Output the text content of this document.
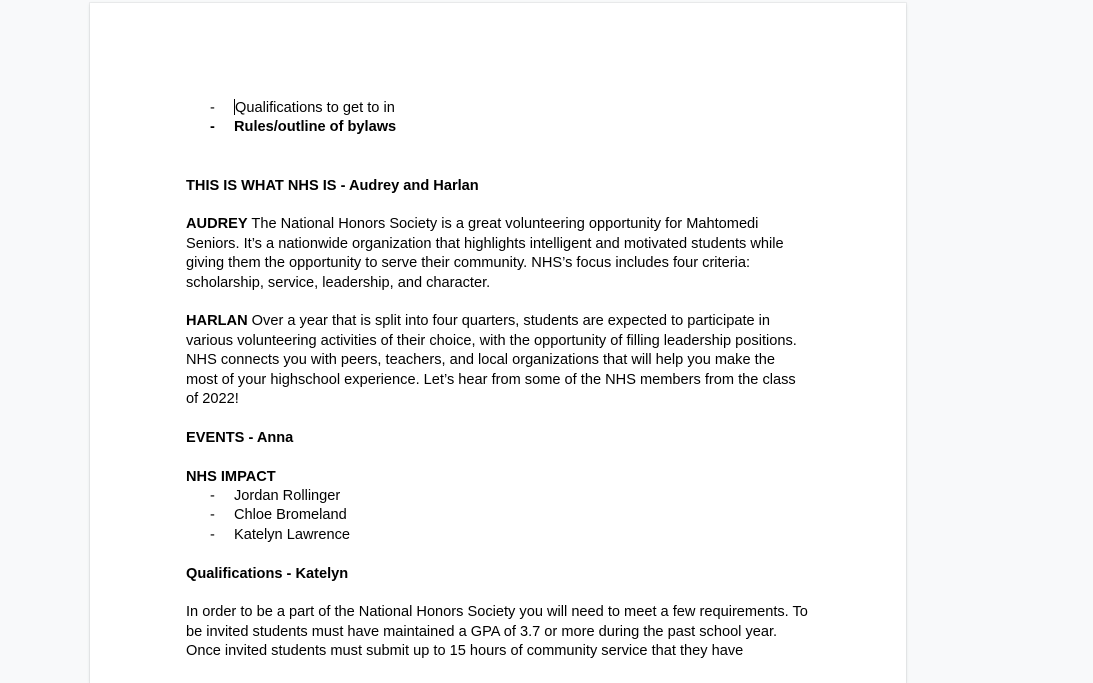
- Qualifications to get to in
- Rules/outline of bylaws

THIS IS WHAT NHS IS - Audrey and Harlan

AUDREY The National Honors Society is a great volunteering opportunity for Mahtomedi Seniors. It’s a nationwide organization that highlights intelligent and motivated students while giving them the opportunity to serve their community. NHS’s focus includes four criteria: scholarship, service, leadership, and character.

HARLAN Over a year that is split into four quarters, students are expected to participate in various volunteering activities of their choice, with the opportunity of filling leadership positions. NHS connects you with peers, teachers, and local organizations that will help you make the most of your highschool experience. Let’s hear from some of the NHS members from the class of 2022!

EVENTS - Anna

NHS IMPACT

- Jordan Rollinger
- Chloe Bromeland
- Katelyn Lawrence

Qualifications - Katelyn

In order to be a part of the National Honors Society you will need to meet a few requirements. To be invited students must have maintained a GPA of 3.7 or more during the past school year. Once invited students must submit up to 15 hours of community service that they have
